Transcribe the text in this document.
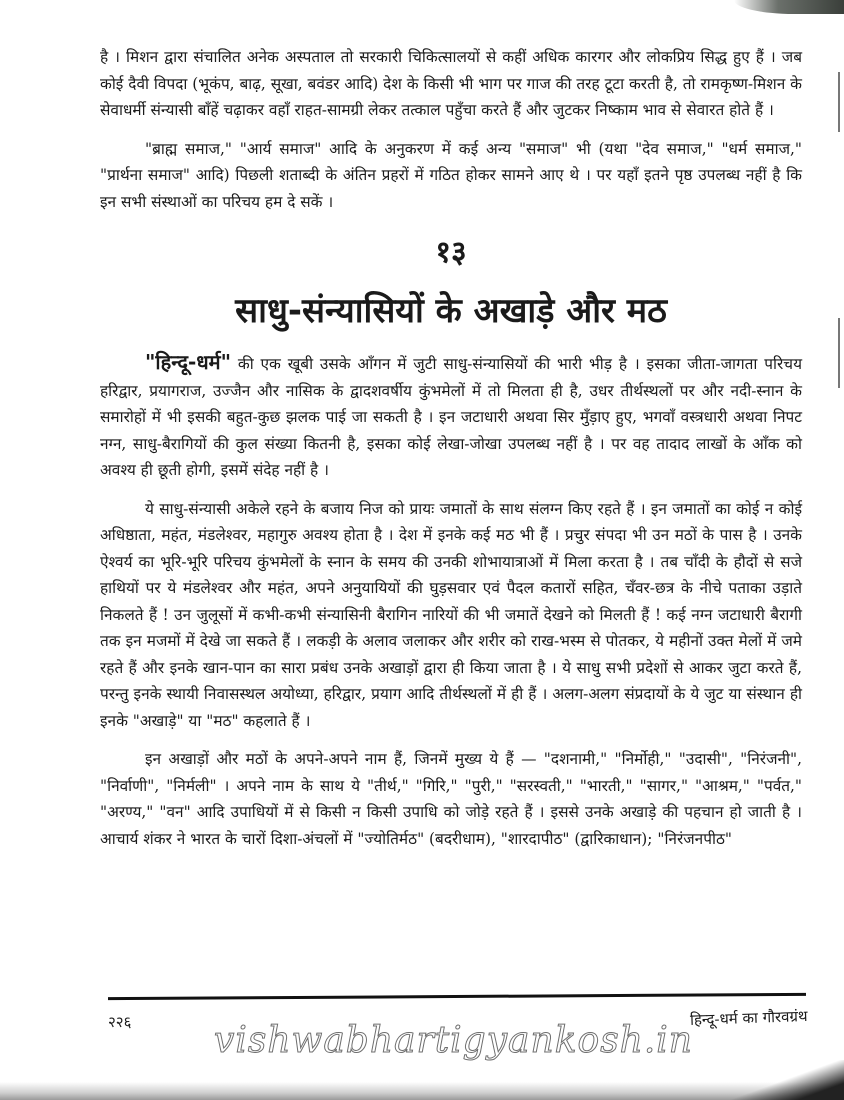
है । मिशन द्वारा संचालित अनेक अस्पताल तो सरकारी चिकित्सालयों से कहीं अधिक कारगर और लोकप्रिय सिद्ध हुए हैं । जब कोई दैवी विपदा (भूकंप, बाढ़, सूखा, बवंडर आदि) देश के किसी भी भाग पर गाज की तरह टूटा करती है, तो रामकृष्ण-मिशन के सेवाधर्मी संन्यासी बाँहें चढ़ाकर वहाँ राहत-सामग्री लेकर तत्काल पहुँचा करते हैं और जुटकर निष्काम भाव से सेवारत होते हैं ।

"ब्राह्म समाज," "आर्य समाज" आदि के अनुकरण में कई अन्य "समाज" भी (यथा "देव समाज," "धर्म समाज," "प्रार्थना समाज" आदि) पिछली शताब्दी के अंतिन प्रहरों में गठित होकर सामने आए थे । पर यहाँ इतने पृष्ठ उपलब्ध नहीं है कि इन सभी संस्थाओं का परिचय हम दे सकें ।

१३
साधु-संन्यासियों के अखाड़े और मठ

"हिन्दू-धर्म" की एक खूबी उसके आँगन में जुटी साधु-संन्यासियों की भारी भीड़ है । इसका जीता-जागता परिचय हरिद्वार, प्रयागराज, उज्जैन और नासिक के द्वादशवर्षीय कुंभमेलों में तो मिलता ही है, उधर तीर्थस्थलों पर और नदी-स्नान के समारोहों में भी इसकी बहुत-कुछ झलक पाई जा सकती है । इन जटाधारी अथवा सिर मुँड़ाए हुए, भगवाँ वस्त्रधारी अथवा निपट नग्न, साधु-बैरागियों की कुल संख्या कितनी है, इसका कोई लेखा-जोखा उपलब्ध नहीं है । पर वह तादाद लाखों के आँक को अवश्य ही छूती होगी, इसमें संदेह नहीं है ।

ये साधु-संन्यासी अकेले रहने के बजाय निज को प्रायः जमातों के साथ संलग्न किए रहते हैं । इन जमातों का कोई न कोई अधिष्ठाता, महंत, मंडलेश्वर, महागुरु अवश्य होता है । देश में इनके कई मठ भी हैं । प्रचुर संपदा भी उन मठों के पास है । उनके ऐश्वर्य का भूरि-भूरि परिचय कुंभमेलों के स्नान के समय की उनकी शोभायात्राओं में मिला करता है । तब चाँदी के हौदों से सजे हाथियों पर ये मंडलेश्वर और महंत, अपने अनुयायियों की घुड़सवार एवं पैदल कतारों सहित, चँवर-छत्र के नीचे पताका उड़ाते निकलते हैं ! उन जुलूसों में कभी-कभी संन्यासिनी बैरागिन नारियों की भी जमातें देखने को मिलती हैं ! कई नग्न जटाधारी बैरागी तक इन मजमों में देखे जा सकते हैं । लकड़ी के अलाव जलाकर और शरीर को राख-भस्म से पोतकर, ये महीनों उक्त मेलों में जमे रहते हैं और इनके खान-पान का सारा प्रबंध उनके अखाड़ों द्वारा ही किया जाता है । ये साधु सभी प्रदेशों से आकर जुटा करते हैं, परन्तु इनके स्थायी निवासस्थल अयोध्या, हरिद्वार, प्रयाग आदि तीर्थस्थलों में ही हैं । अलग-अलग संप्रदायों के ये जुट या संस्थान ही इनके "अखाड़े" या "मठ" कहलाते हैं ।

इन अखाड़ों और मठों के अपने-अपने नाम हैं, जिनमें मुख्य ये हैं — "दशनामी," "निर्मोही," "उदासी", "निरंजनी", "निर्वाणी", "निर्मली" । अपने नाम के साथ ये "तीर्थ," "गिरि," "पुरी," "सरस्वती," "भारती," "सागर," "आश्रम," "पर्वत," "अरण्य," "वन" आदि उपाधियों में से किसी न किसी उपाधि को जोड़े रहते हैं । इससे उनके अखाड़े की पहचान हो जाती है । आचार्य शंकर ने भारत के चारों दिशा-अंचलों में "ज्योतिर्मठ" (बदरीधाम), "शारदापीठ" (द्वारिकाधान); "निरंजनपीठ"

२२६ vishwabhartigyankosh.in
हिन्दू-धर्म का गौरवग्रंथ
